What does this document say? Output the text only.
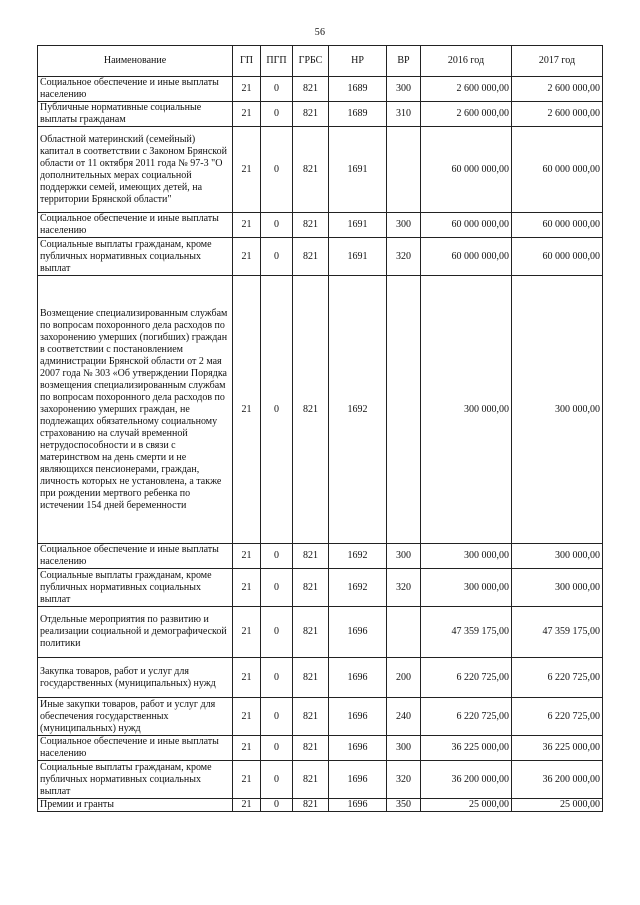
56
Наименование	ГП	ПГП	ГРБС	НР	ВР	2016 год	2017 год
Социальное обеспечение и иные выплаты населению	21	0	821	1689	300	2 600 000,00	2 600 000,00
Публичные нормативные социальные выплаты гражданам	21	0	821	1689	310	2 600 000,00	2 600 000,00
Областной материнский (семейный) капитал в соответствии с Законом Брянской области от 11 октября 2011 года № 97-3 "О дополнительных мерах социальной поддержки семей, имеющих детей, на территории Брянской области"	21	0	821	1691		60 000 000,00	60 000 000,00
Социальное обеспечение и иные выплаты населению	21	0	821	1691	300	60 000 000,00	60 000 000,00
Социальные выплаты гражданам, кроме публичных нормативных социальных выплат	21	0	821	1691	320	60 000 000,00	60 000 000,00
Возмещение специализированным службам по вопросам похоронного дела расходов по захоронению умерших (погибших) граждан в соответствии с постановлением администрации Брянской области от 2 мая 2007 года № 303 «Об утверждении Порядка возмещения специализированным службам по вопросам похоронного дела расходов по захоронению умерших граждан, не подлежащих обязательному социальному страхованию на случай временной нетрудоспособности и в связи с материнством на день смерти и не являющихся пенсионерами, граждан, личность которых не установлена, а также при рождении мертвого ребенка по истечении 154 дней беременности	21	0	821	1692		300 000,00	300 000,00
Социальное обеспечение и иные выплаты населению	21	0	821	1692	300	300 000,00	300 000,00
Социальные выплаты гражданам, кроме публичных нормативных социальных выплат	21	0	821	1692	320	300 000,00	300 000,00
Отдельные мероприятия по развитию и реализации социальной и демографической политики	21	0	821	1696		47 359 175,00	47 359 175,00
Закупка товаров, работ и услуг для государственных (муниципальных) нужд	21	0	821	1696	200	6 220 725,00	6 220 725,00
Иные закупки товаров, работ и услуг для обеспечения государственных (муниципальных) нужд	21	0	821	1696	240	6 220 725,00	6 220 725,00
Социальное обеспечение и иные выплаты населению	21	0	821	1696	300	36 225 000,00	36 225 000,00
Социальные выплаты гражданам, кроме публичных нормативных социальных выплат	21	0	821	1696	320	36 200 000,00	36 200 000,00
Премии и гранты	21	0	821	1696	350	25 000,00	25 000,00
